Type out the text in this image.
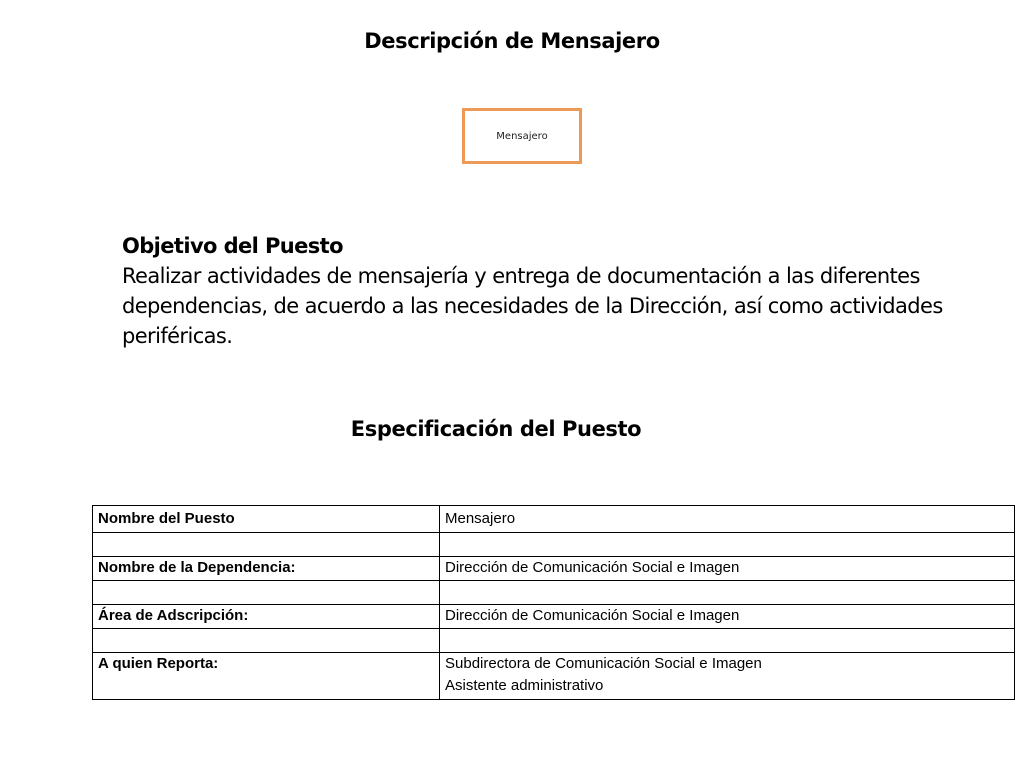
Descripción de Mensajero
Mensajero
Objetivo del Puesto
Realizar actividades de mensajería y entrega de documentación a las diferentes dependencias, de acuerdo a las necesidades de la Dirección, así como actividades periféricas.
Especificación del Puesto
Nombre del Puesto	Mensajero

Nombre de la Dependencia:	Dirección de Comunicación Social e Imagen

Área de Adscripción:	Dirección de Comunicación Social e Imagen

A quien Reporta:	Subdirectora de Comunicación Social e Imagen
Asistente administrativo
